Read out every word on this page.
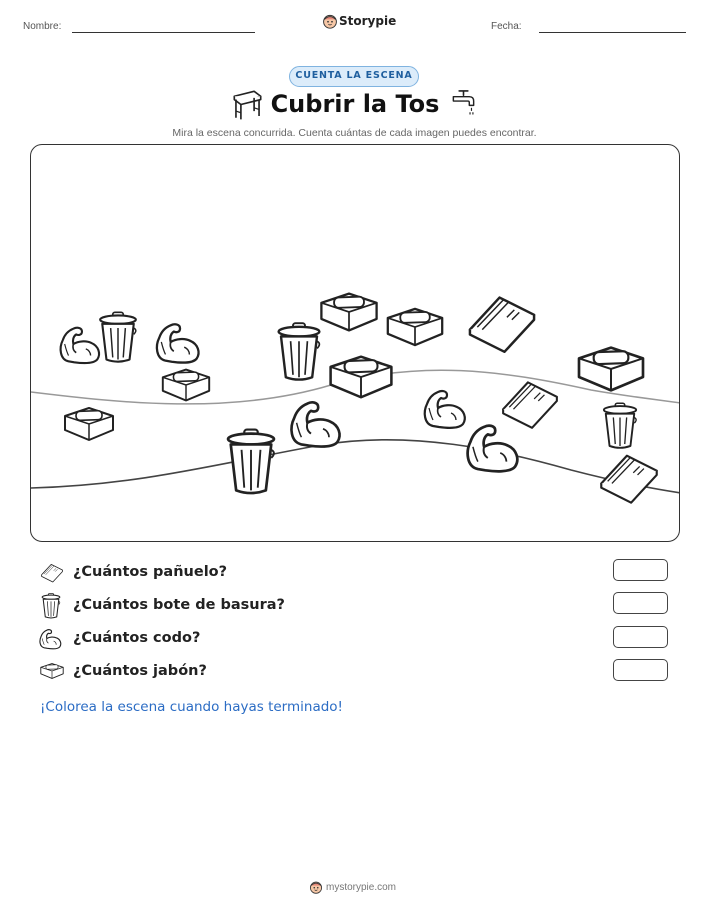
Nombre:	Storypie	Fecha:
CUENTA LA ESCENA
Cubrir la Tos
Mira la escena concurrida. Cuenta cuántas de cada imagen puedes encontrar.
¿Cuántos pañuelo?
¿Cuántos bote de basura?
¿Cuántos codo?
¿Cuántos jabón?
¡Colorea la escena cuando hayas terminado!
mystorypie.com
